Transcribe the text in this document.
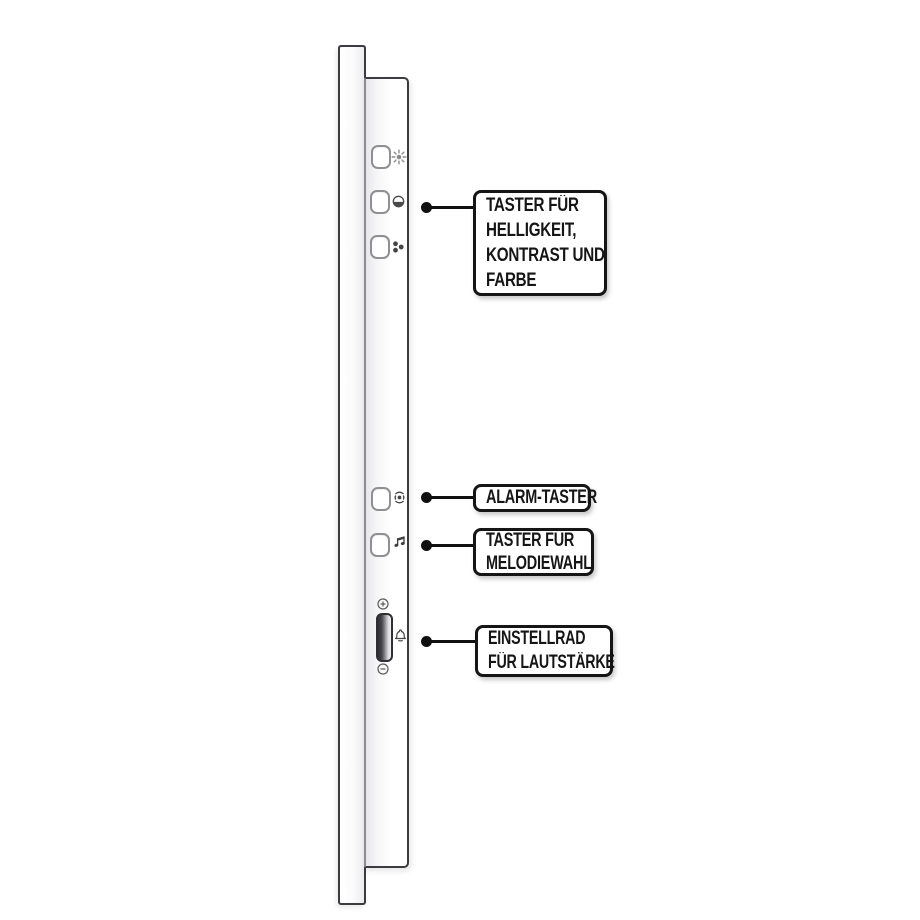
TASTER FÜR
HELLIGKEIT,
KONTRAST UND
FARBE
ALARM-TASTER
TASTER FÜR
MELODIEWAHL
EINSTELLRAD
FÜR LAUTSTÄRKE
